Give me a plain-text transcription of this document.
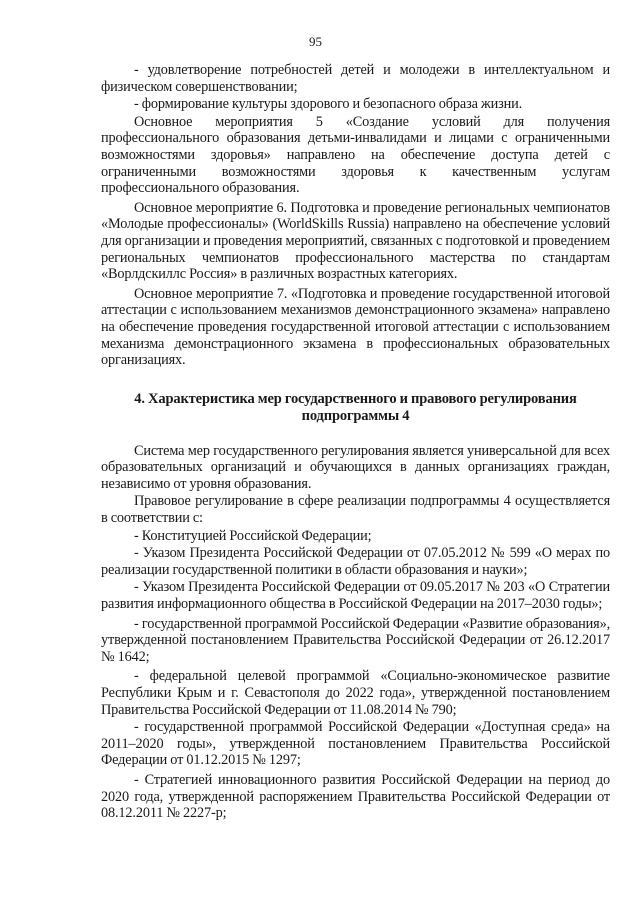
95

- удовлетворение потребностей детей и молодежи в интеллектуальном и физическом совершенствовании;

- формирование культуры здорового и безопасного образа жизни.

Основное мероприятия 5 «Создание условий для получения профессионального образования детьми-инвалидами и лицами с ограниченными возможностями здоровья» направлено на обеспечение доступа детей с ограниченными возможностями здоровья к качественным услугам профессионального образования.

Основное мероприятие 6. Подготовка и проведение региональных чемпионатов «Молодые профессионалы» (WorldSkills Russia) направлено на обеспечение условий для организации и проведения мероприятий, связанных с подготовкой и проведением региональных чемпионатов профессионального мастерства по стандартам «Ворлдскиллс Россия» в различных возрастных категориях.

Основное мероприятие 7. «Подготовка и проведение государственной итоговой аттестации с использованием механизмов демонстрационного экзамена» направлено на обеспечение проведения государственной итоговой аттестации с использованием механизма демонстрационного экзамена в профессиональных образовательных организациях.

4. Характеристика мер государственного и правового регулирования подпрограммы 4

Система мер государственного регулирования является универсальной для всех образовательных организаций и обучающихся в данных организациях граждан, независимо от уровня образования.

Правовое регулирование в сфере реализации подпрограммы 4 осуществляется в соответствии с:

- Конституцией Российской Федерации;

- Указом Президента Российской Федерации от 07.05.2012 № 599 «О мерах по реализации государственной политики в области образования и науки»;

- Указом Президента Российской Федерации от 09.05.2017 № 203 «О Стратегии развития информационного общества в Российской Федерации на 2017–2030 годы»;

- государственной программой Российской Федерации «Развитие образования», утвержденной постановлением Правительства Российской Федерации от 26.12.2017 № 1642;

- федеральной целевой программой «Социально-экономическое развитие Республики Крым и г. Севастополя до 2022 года», утвержденной постановлением Правительства Российской Федерации от 11.08.2014 № 790;

- государственной программой Российской Федерации «Доступная среда» на 2011–2020 годы», утвержденной постановлением Правительства Российской Федерации от 01.12.2015 № 1297;

- Стратегией инновационного развития Российской Федерации на период до 2020 года, утвержденной распоряжением Правительства Российской Федерации от 08.12.2011 № 2227-р;
